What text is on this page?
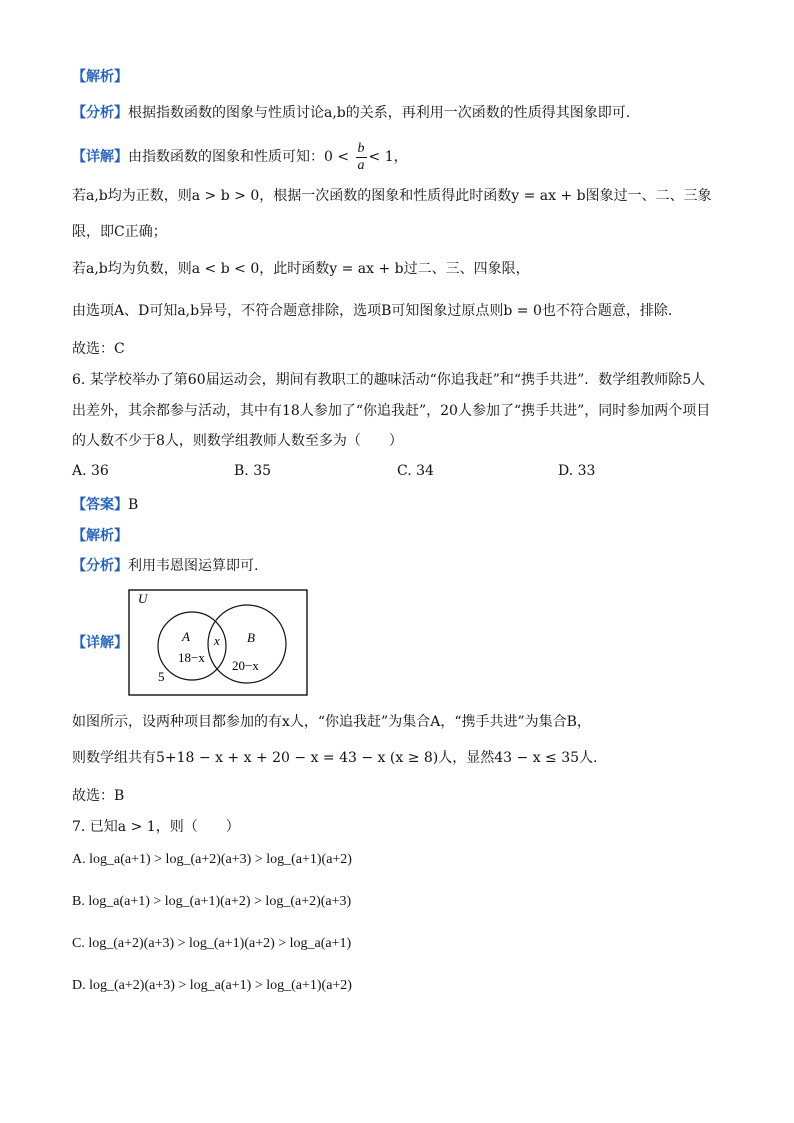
【解析】
【分析】根据指数函数的图象与性质讨论a,b的关系，再利用一次函数的性质得其图象即可.
【详解】由指数函数的图象和性质可知：$0 < \frac{b}{a} < 1$，
若a,b均为正数，则a > b > 0，根据一次函数的图象和性质得此时函数y = ax + b图象过一、二、三象
限，即C正确；
若a,b均为负数，则a < b < 0，此时函数y = ax + b过二、三、四象限，
由选项A、D可知a,b异号，不符合题意排除，选项B可知图象过原点则b = 0也不符合题意，排除.
故选：C
6. 某学校举办了第60届运动会，期间有教职工的趣味活动“你追我赶”和“携手共进”．数学组教师除5人
出差外，其余都参与活动，其中有18人参加了“你追我赶”，20人参加了“携手共进”，同时参加两个项目
的人数不少于8人，则数学组教师人数至多为（　　）
A. 36	B. 35	C. 34	D. 33
【答案】B
【解析】
【分析】利用韦恩图运算即可.
【详解】
U
A	B
x
18−x
20−x
5
如图所示，设两种项目都参加的有x人，“你追我赶”为集合A，“携手共进”为集合B，
则数学组共有5+18 − x + x + 20 − x = 43 − x (x ≥ 8)人，显然43 − x ≤ 35人.
故选：B
7. 已知a > 1，则（　　）
A. log_a(a+1) > log_(a+2)(a+3) > log_(a+1)(a+2)
B. log_a(a+1) > log_(a+1)(a+2) > log_(a+2)(a+3)
C. log_(a+2)(a+3) > log_(a+1)(a+2) > log_a(a+1)
D. log_(a+2)(a+3) > log_a(a+1) > log_(a+1)(a+2)
